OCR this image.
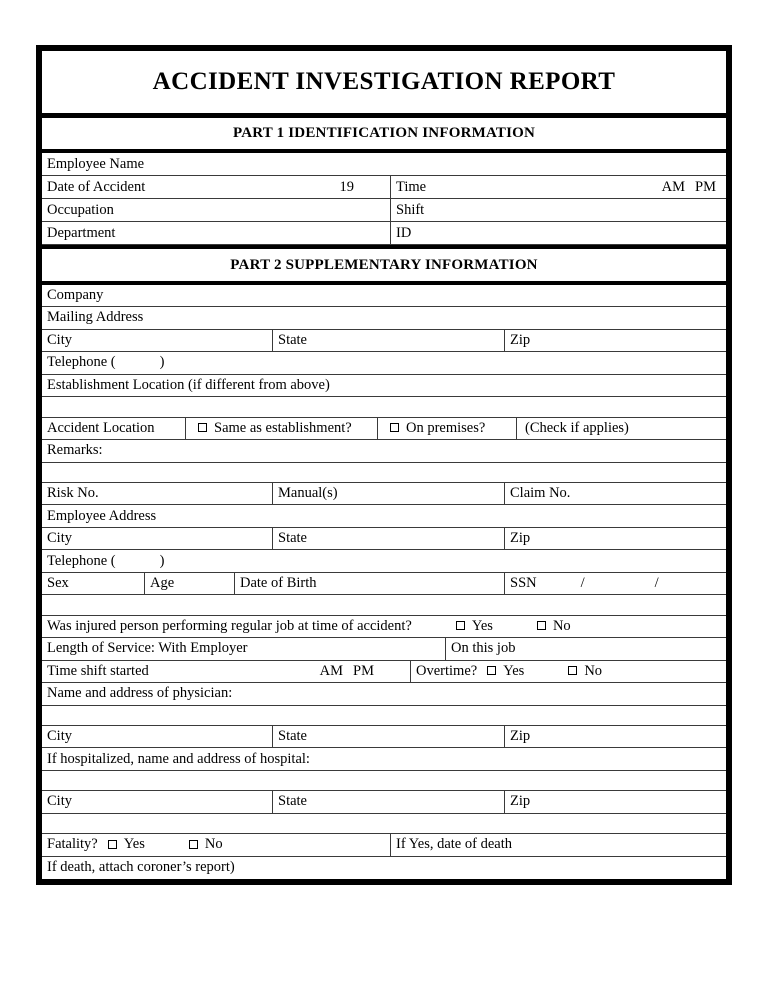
ACCIDENT INVESTIGATION REPORT
PART 1 IDENTIFICATION INFORMATION
Employee Name
Date of Accident	19	Time	AM PM
Occupation	Shift
Department	ID
PART 2 SUPPLEMENTARY INFORMATION
Company
Mailing Address
City	State	Zip
Telephone (	)
Establishment Location (if different from above)
Accident Location	Same as establishment?	On premises?	(Check if applies)
Remarks:
Risk No.	Manual(s)	Claim No.
Employee Address
City	State	Zip
Telephone (	)
Sex	Age	Date of Birth	SSN	/	/
Was injured person performing regular job at time of accident?	Yes	No
Length of Service: With Employer	On this job
Time shift started	AM PM	Overtime? Yes	No
Name and address of physician:
City	State	Zip
If hospitalized, name and address of hospital:
City	State	Zip
Fatality? Yes	No	If Yes, date of death
If death, attach coroner’s report)
